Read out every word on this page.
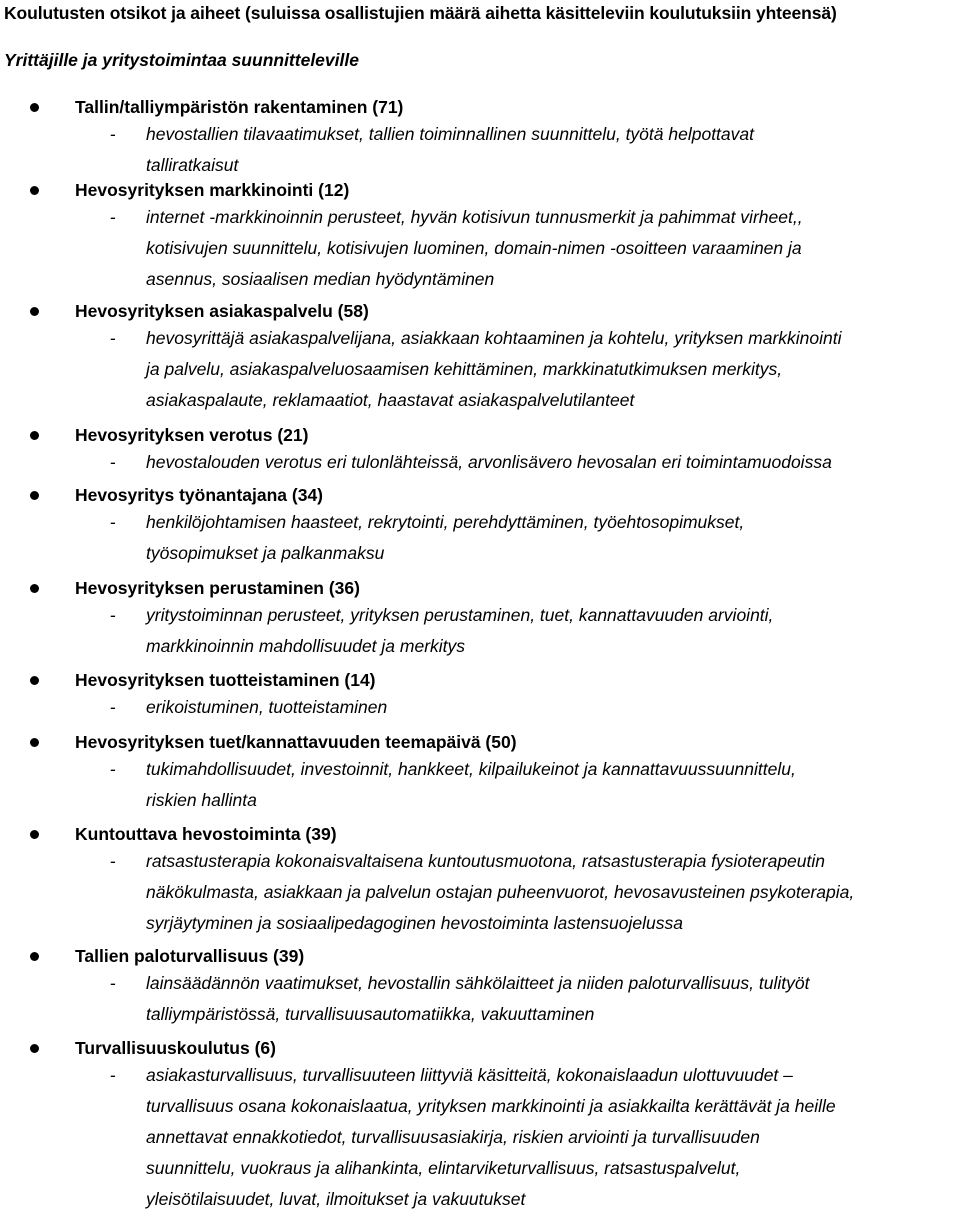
Koulutusten otsikot ja aiheet (suluissa osallistujien määrä aihetta käsitteleviin koulutuksiin yhteensä)
Yrittäjille ja yritystoimintaa suunnitteleville
Tallin/talliympäristön rakentaminen (71)
- hevostallien tilavaatimukset, tallien toiminnallinen suunnittelu, työtä helpottavat
talliratkaisut
Hevosyrityksen markkinointi (12)
- internet -markkinoinnin perusteet, hyvän kotisivun tunnusmerkit ja pahimmat virheet,,
kotisivujen suunnittelu, kotisivujen luominen, domain-nimen -osoitteen varaaminen ja
asennus, sosiaalisen median hyödyntäminen
Hevosyrityksen asiakaspalvelu (58)
- hevosyrittäjä asiakaspalvelijana, asiakkaan kohtaaminen ja kohtelu, yrityksen markkinointi
ja palvelu, asiakaspalveluosaamisen kehittäminen, markkinatutkimuksen merkitys,
asiakaspalaute, reklamaatiot, haastavat asiakaspalvelutilanteet
Hevosyrityksen verotus (21)
- hevostalouden verotus eri tulonlähteissä, arvonlisävero hevosalan eri toimintamuodoissa
Hevosyritys työnantajana (34)
- henkilöjohtamisen haasteet, rekrytointi, perehdyttäminen, työehtosopimukset,
työsopimukset ja palkanmaksu
Hevosyrityksen perustaminen (36)
- yritystoiminnan perusteet, yrityksen perustaminen, tuet, kannattavuuden arviointi,
markkinoinnin mahdollisuudet ja merkitys
Hevosyrityksen tuotteistaminen (14)
- erikoistuminen, tuotteistaminen
Hevosyrityksen tuet/kannattavuuden teemapäivä (50)
- tukimahdollisuudet, investoinnit, hankkeet, kilpailukeinot ja kannattavuussuunnittelu,
riskien hallinta
Kuntouttava hevostoiminta (39)
- ratsastusterapia kokonaisvaltaisena kuntoutusmuotona, ratsastusterapia fysioterapeutin
näkökulmasta, asiakkaan ja palvelun ostajan puheenvuorot, hevosavusteinen psykoterapia,
syrjäytyminen ja sosiaalipedagoginen hevostoiminta lastensuojelussa
Tallien paloturvallisuus (39)
- lainsäädännön vaatimukset, hevostallin sähkölaitteet ja niiden paloturvallisuus, tulityöt
talliympäristössä, turvallisuusautomatiikka, vakuuttaminen
Turvallisuuskoulutus (6)
- asiakasturvallisuus, turvallisuuteen liittyviä käsitteitä, kokonaislaadun ulottuvuudet –
turvallisuus osana kokonaislaatua, yrityksen markkinointi ja asiakkailta kerättävät ja heille
annettavat ennakkotiedot, turvallisuusasiakirja, riskien arviointi ja turvallisuuden
suunnittelu, vuokraus ja alihankinta, elintarviketurvallisuus, ratsastuspalvelut,
yleisötilaisuudet, luvat, ilmoitukset ja vakuutukset
